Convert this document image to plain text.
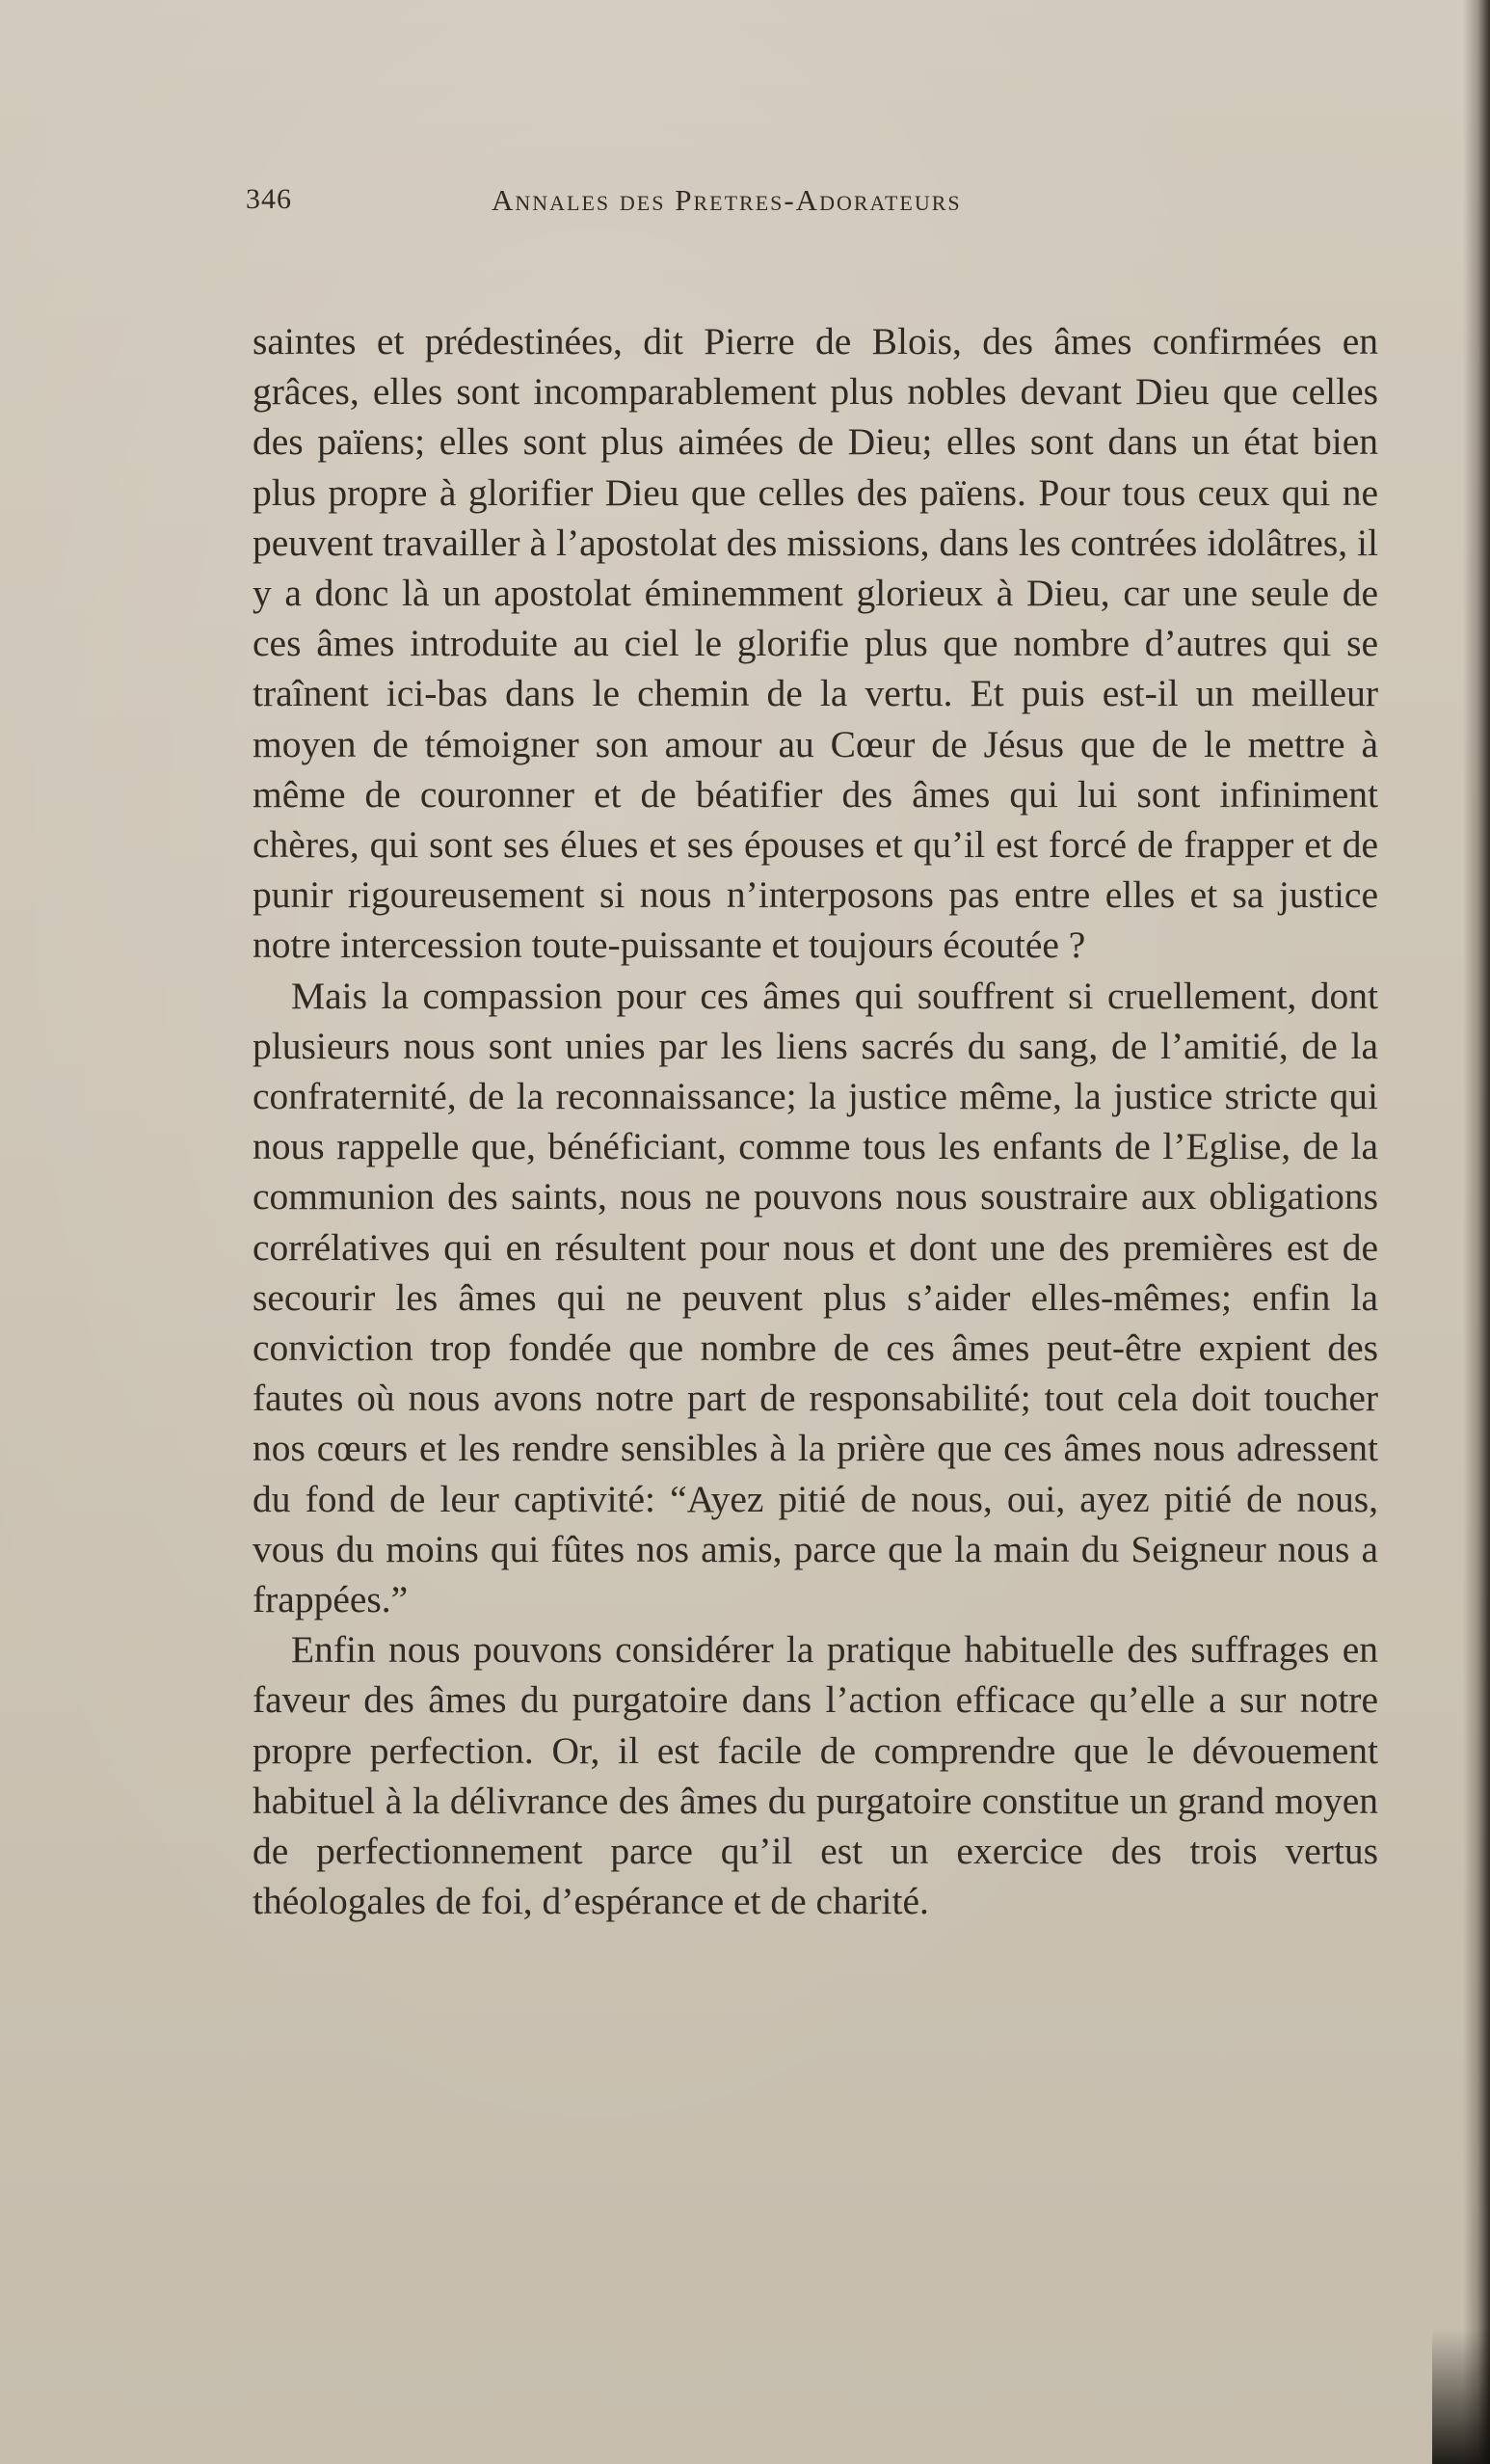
346	Annales des Pretres-Adorateurs

saintes et prédestinées, dit Pierre de Blois, des âmes confirmées en grâces, elles sont incomparablement plus nobles devant Dieu que celles des païens; elles sont plus aimées de Dieu; elles sont dans un état bien plus propre à glorifier Dieu que celles des païens. Pour tous ceux qui ne peuvent travailler à l’apostolat des missions, dans les contrées idolâtres, il y a donc là un apostolat éminemment glorieux à Dieu, car une seule de ces âmes introduite au ciel le glorifie plus que nombre d’autres qui se traînent ici-bas dans le chemin de la vertu. Et puis est-il un meilleur moyen de témoigner son amour au Cœur de Jésus que de le mettre à même de couronner et de béatifier des âmes qui lui sont infiniment chères, qui sont ses élues et ses épouses et qu’il est forcé de frapper et de punir rigoureusement si nous n’interposons pas entre elles et sa justice notre intercession toute-puissante et toujours écoutée ?

Mais la compassion pour ces âmes qui souffrent si cruellement, dont plusieurs nous sont unies par les liens sacrés du sang, de l’amitié, de la confraternité, de la reconnaissance; la justice même, la justice stricte qui nous rappelle que, bénéficiant, comme tous les enfants de l’Eglise, de la communion des saints, nous ne pouvons nous soustraire aux obligations corrélatives qui en résultent pour nous et dont une des premières est de secourir les âmes qui ne peuvent plus s’aider elles-mêmes; enfin la conviction trop fondée que nombre de ces âmes peut-être expient des fautes où nous avons notre part de responsabilité; tout cela doit toucher nos cœurs et les rendre sensibles à la prière que ces âmes nous adressent du fond de leur captivité: “Ayez pitié de nous, oui, ayez pitié de nous, vous du moins qui fûtes nos amis, parce que la main du Seigneur nous a frappées.”

Enfin nous pouvons considérer la pratique habituelle des suffrages en faveur des âmes du purgatoire dans l’action efficace qu’elle a sur notre propre perfection. Or, il est facile de comprendre que le dévouement habituel à la délivrance des âmes du purgatoire constitue un grand moyen de perfectionnement parce qu’il est un exercice des trois vertus théologales de foi, d’espérance et de charité.
